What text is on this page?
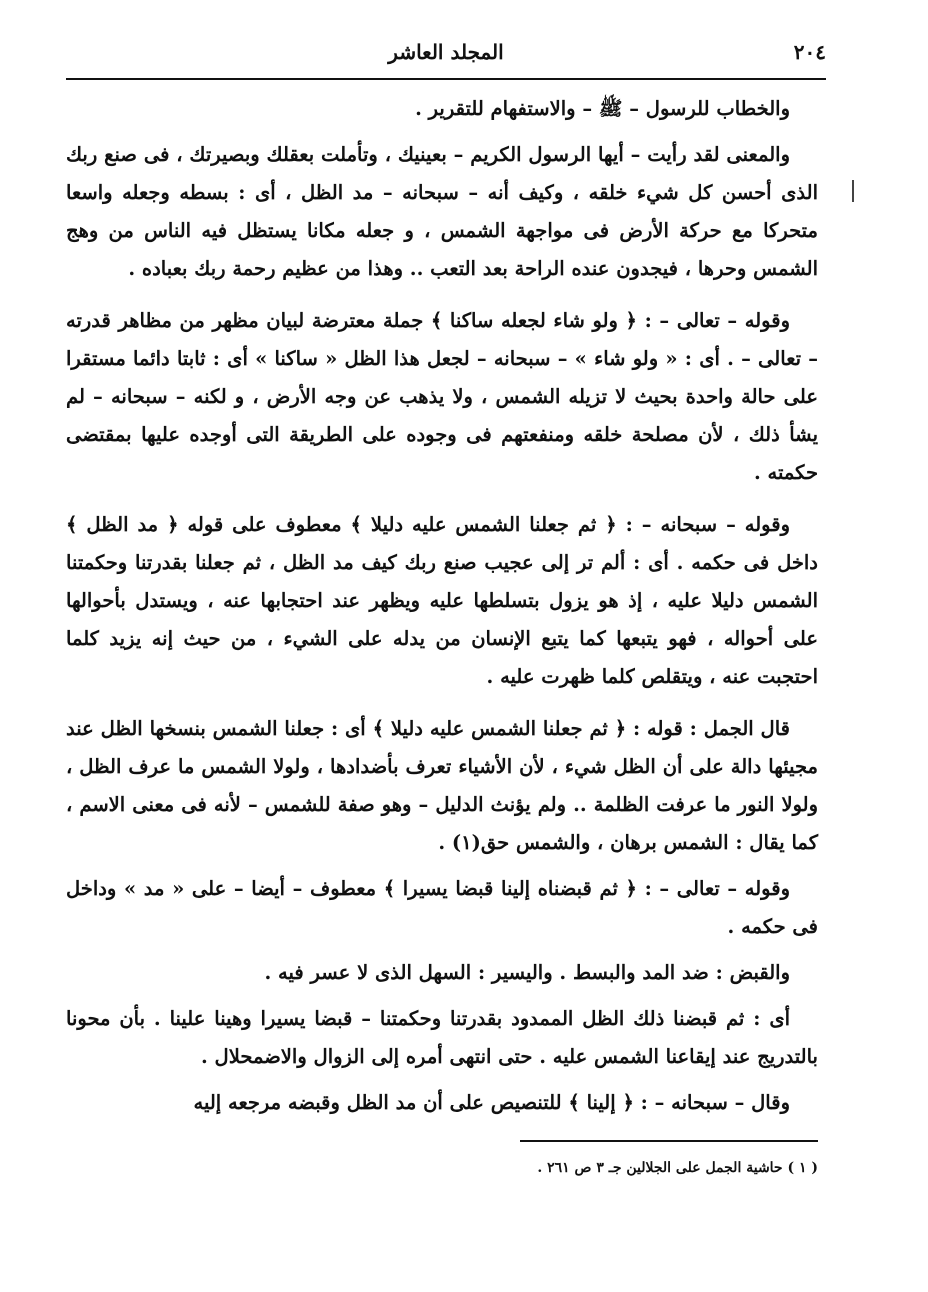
٢٠٤
المجلد العاشر

والخطاب للرسول – ﷺ – والاستفهام للتقرير .

والمعنى لقد رأيت – أيها الرسول الكريم – بعينيك ، وتأملت بعقلك وبصيرتك ، فى صنع ربك الذى أحسن كل شيء خلقه ، وكيف أنه – سبحانه – مد الظل ، أى : بسطه وجعله واسعا متحركا مع حركة الأرض فى مواجهة الشمس ، و جعله مكانا يستظل فيه الناس من وهج الشمس وحرها ، فيجدون عنده الراحة بعد التعب .. وهذا من عظيم رحمة ربك بعباده .

وقوله – تعالى – : ﴿ ولو شاء لجعله ساكنا ﴾ جملة معترضة لبيان مظهر من مظاهر قدرته – تعالى – . أى : « ولو شاء » – سبحانه – لجعل هذا الظل « ساكنا » أى : ثابتا دائما مستقرا على حالة واحدة بحيث لا تزيله الشمس ، ولا يذهب عن وجه الأرض ، و لكنه – سبحانه – لم يشأ ذلك ، لأن مصلحة خلقه ومنفعتهم فى وجوده على الطريقة التى أوجده عليها بمقتضى حكمته .

وقوله – سبحانه – : ﴿ ثم جعلنا الشمس عليه دليلا ﴾ معطوف على قوله ﴿ مد الظل ﴾ داخل فى حكمه . أى : ألم تر إلى عجيب صنع ربك كيف مد الظل ، ثم جعلنا بقدرتنا وحكمتنا الشمس دليلا عليه ، إذ هو يزول بتسلطها عليه ويظهر عند احتجابها عنه ، ويستدل بأحوالها على أحواله ، فهو يتبعها كما يتبع الإنسان من يدله على الشيء ، من حيث إنه يزيد كلما احتجبت عنه ، ويتقلص كلما ظهرت عليه .

قال الجمل : قوله : ﴿ ثم جعلنا الشمس عليه دليلا ﴾ أى : جعلنا الشمس بنسخها الظل عند مجيئها دالة على أن الظل شيء ، لأن الأشياء تعرف بأضدادها ، ولولا الشمس ما عرف الظل ، ولولا النور ما عرفت الظلمة .. ولم يؤنث الدليل – وهو صفة للشمس – لأنه فى معنى الاسم ، كما يقال : الشمس برهان ، والشمس حق(١) .

وقوله – تعالى – : ﴿ ثم قبضناه إلينا قبضا يسيرا ﴾ معطوف – أيضا – على « مد » وداخل فى حكمه .

والقبض : ضد المد والبسط . واليسير : السهل الذى لا عسر فيه .

أى : ثم قبضنا ذلك الظل الممدود بقدرتنا وحكمتنا – قبضا يسيرا وهينا علينا . بأن محونا بالتدريج عند إيقاعنا الشمس عليه . حتى انتهى أمره إلى الزوال والاضمحلال .

وقال – سبحانه – : ﴿ إلينا ﴾ للتنصيص على أن مد الظل وقبضه مرجعه إليه

( ١ ) حاشية الجمل على الجلالين جـ ٣ ص ٢٦١ .
